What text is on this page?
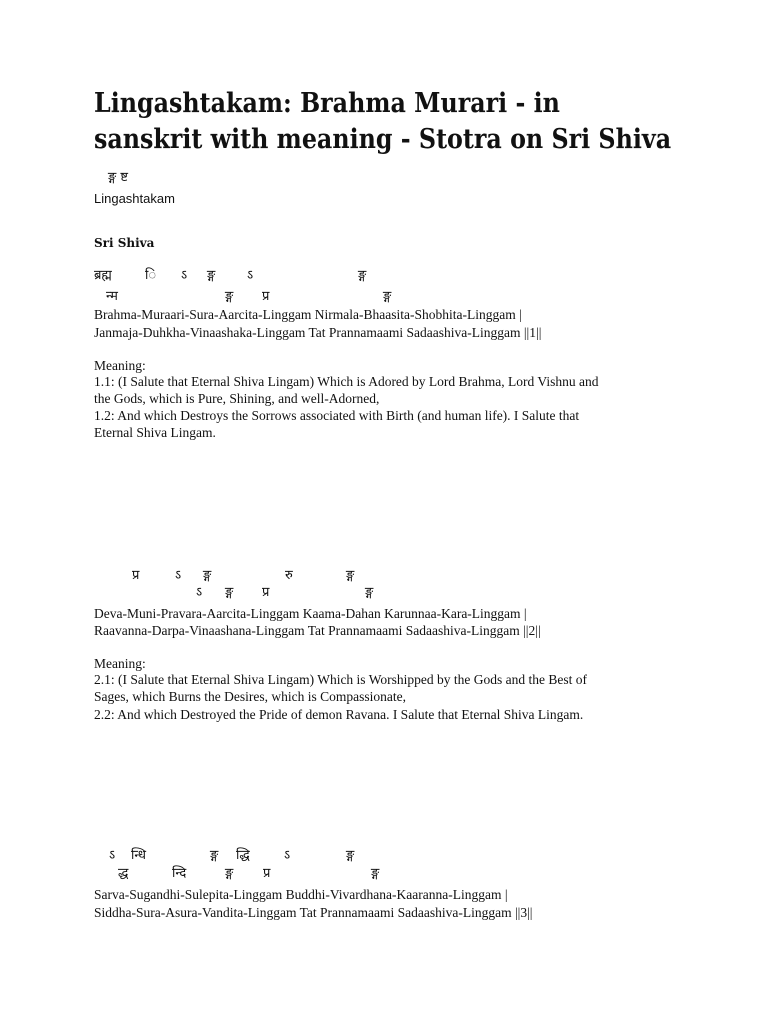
Lingashtakam: Brahma Murari - in
sanskrit with meaning - Stotra on Sri Shiva
ङ्ग ष्ट
Lingashtakam
Sri Shiva
ब्रह्म	ि ऽ ङ्ग ऽ	ङ्ग
न्म	ङ्ग प्र	ङ्ग
Brahma-Muraari-Sura-Aarcita-Linggam Nirmala-Bhaasita-Shobhita-Linggam |
Janmaja-Duhkha-Vinaashaka-Linggam Tat Prannamaami Sadaashiva-Linggam ||1||
Meaning:
1.1: (I Salute that Eternal Shiva Lingam) Which is Adored by Lord Brahma, Lord Vishnu and
the Gods, which is Pure, Shining, and well-Adorned,
1.2: And which Destroys the Sorrows associated with Birth (and human life). I Salute that
Eternal Shiva Lingam.
प्र	ऽ ङ्ग	रु	ङ्ग
ऽ ङ्ग प्र	ङ्ग
Deva-Muni-Pravara-Aarcita-Linggam Kaama-Dahan Karunnaa-Kara-Linggam |
Raavanna-Darpa-Vinaashana-Linggam Tat Prannamaami Sadaashiva-Linggam ||2||
Meaning:
2.1: (I Salute that Eternal Shiva Lingam) Which is Worshipped by the Gods and the Best of
Sages, which Burns the Desires, which is Compassionate,
2.2: And which Destroyed the Pride of demon Ravana. I Salute that Eternal Shiva Lingam.
ऽ न्धि	ङ्ग द्धि	ऽ	ङ्ग
द्ध	न्दि	ङ्ग प्र	ङ्ग
Sarva-Sugandhi-Sulepita-Linggam Buddhi-Vivardhana-Kaaranna-Linggam |
Siddha-Sura-Asura-Vandita-Linggam Tat Prannamaami Sadaashiva-Linggam ||3||
